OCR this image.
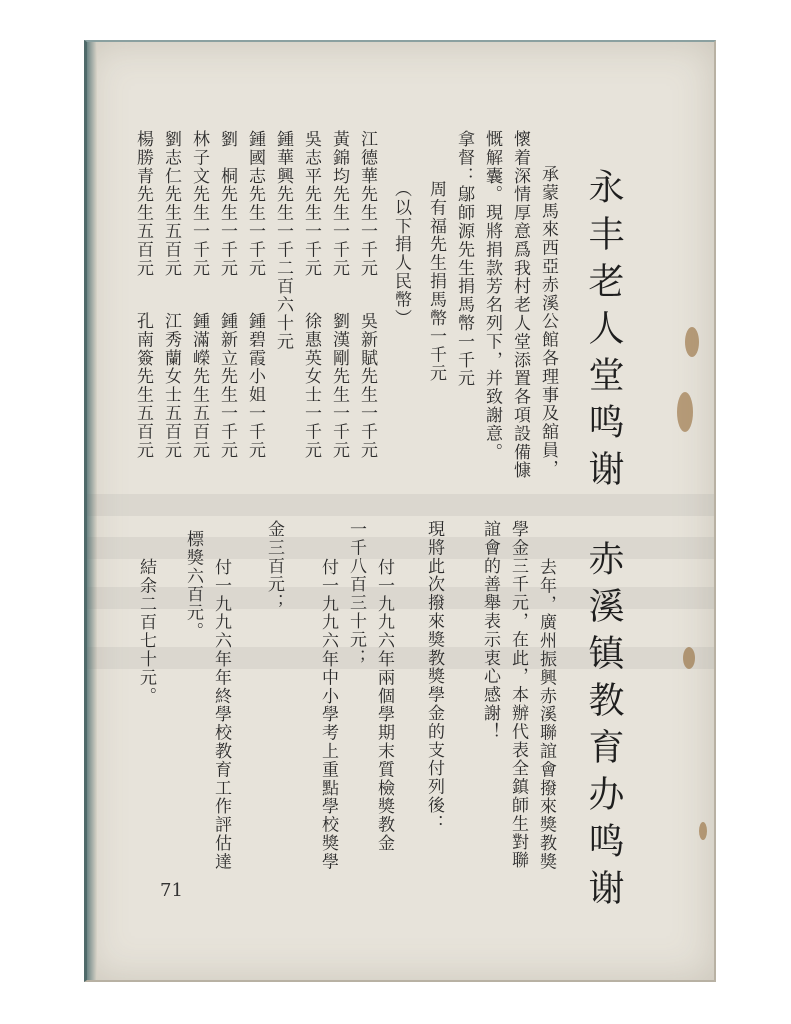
永丰老人堂鸣谢
赤溪镇教育办鸣谢
承蒙馬來西亞赤溪公館各理事及舘員，
懷着深情厚意爲我村老人堂添置各項設備慷
慨解囊。現將捐款芳名列下，并致謝意。
拿督：鄔師源先生捐馬幣一千元
周有福先生捐馬幣一千元
（以下捐人民幣）
吳新賦先生一千元
劉漢剛先生一千元
徐惠英女士一千元
鍾碧霞小姐一千元
鍾新立先生一千元
鍾滿嶸先生五百元
江秀蘭女士五百元
孔南簽先生五百元
江德華先生一千元
黃錦均先生一千元
吳志平先生一千元
鍾華興先生一千二百六十元
鍾國志先生一千元
劉　桐先生一千元
林子文先生一千元
劉志仁先生五百元
楊勝青先生五百元
去年，廣州振興赤溪聯誼會撥來獎教獎
學金三千元，在此，本辦代表全鎮師生對聯
誼會的善舉表示衷心感謝！
現將此次撥來獎教獎學金的支付列後：
付一九九六年兩個學期末質檢獎教金
一千八百三十元；
付一九九六年中小學考上重點學校獎學
金三百元；
付一九九六年年終學校教育工作評估達
標獎六百元。
結余二百七十元。
71
